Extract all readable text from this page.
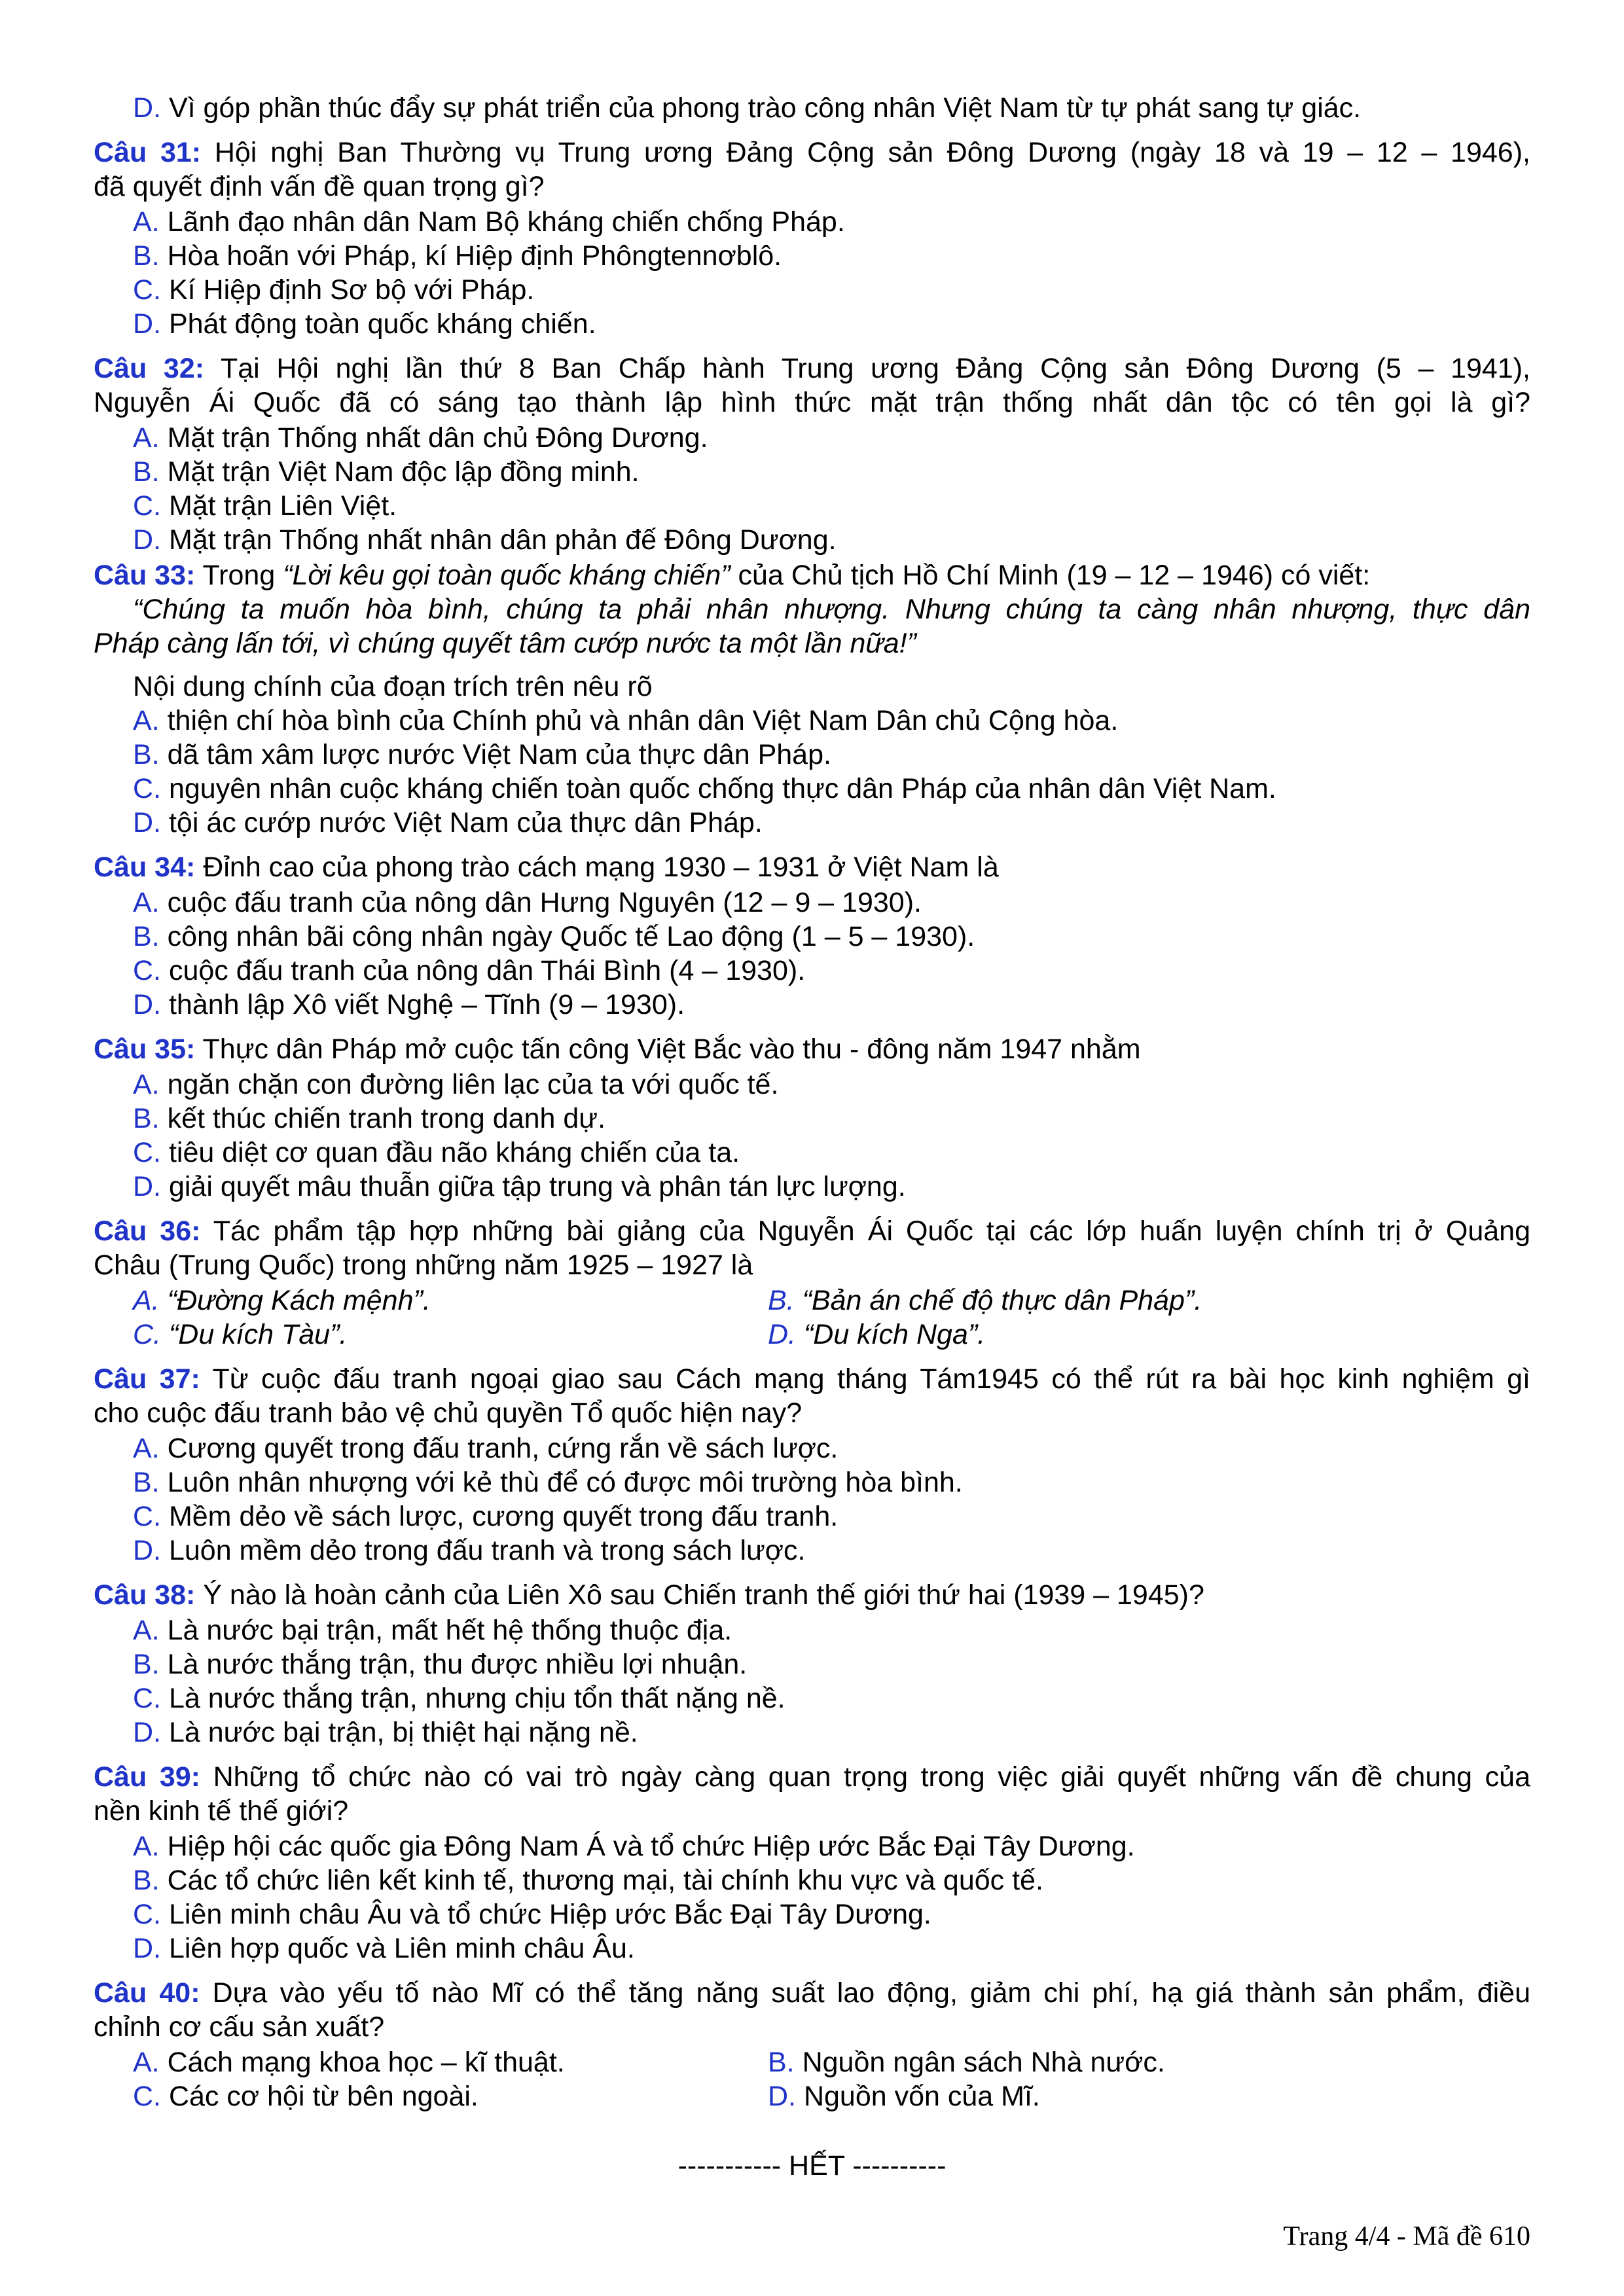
D. Vì góp phần thúc đẩy sự phát triển của phong trào công nhân Việt Nam từ tự phát sang tự giác.
Câu 31: Hội nghị Ban Thường vụ Trung ương Đảng Cộng sản Đông Dương (ngày 18 và 19 – 12 – 1946),
đã quyết định vấn đề quan trọng gì?
A. Lãnh đạo nhân dân Nam Bộ kháng chiến chống Pháp.
B. Hòa hoãn với Pháp, kí Hiệp định Phôngtennơblô.
C. Kí Hiệp định Sơ bộ với Pháp.
D. Phát động toàn quốc kháng chiến.
Câu 32: Tại Hội nghị lần thứ 8 Ban Chấp hành Trung ương Đảng Cộng sản Đông Dương (5 – 1941),
Nguyễn Ái Quốc đã có sáng tạo thành lập hình thức mặt trận thống nhất dân tộc có tên gọi là gì?
A. Mặt trận Thống nhất dân chủ Đông Dương.
B. Mặt trận Việt Nam độc lập đồng minh.
C. Mặt trận Liên Việt.
D. Mặt trận Thống nhất nhân dân phản đế Đông Dương.
Câu 33: Trong “Lời kêu gọi toàn quốc kháng chiến” của Chủ tịch Hồ Chí Minh (19 – 12 – 1946) có viết:
“Chúng ta muốn hòa bình, chúng ta phải nhân nhượng. Nhưng chúng ta càng nhân nhượng, thực dân
Pháp càng lấn tới, vì chúng quyết tâm cướp nước ta một lần nữa!”
Nội dung chính của đoạn trích trên nêu rõ
A. thiện chí hòa bình của Chính phủ và nhân dân Việt Nam Dân chủ Cộng hòa.
B. dã tâm xâm lược nước Việt Nam của thực dân Pháp.
C. nguyên nhân cuộc kháng chiến toàn quốc chống thực dân Pháp của nhân dân Việt Nam.
D. tội ác cướp nước Việt Nam của thực dân Pháp.
Câu 34: Đỉnh cao của phong trào cách mạng 1930 – 1931 ở Việt Nam là
A. cuộc đấu tranh của nông dân Hưng Nguyên (12 – 9 – 1930).
B. công nhân bãi công nhân ngày Quốc tế Lao động (1 – 5 – 1930).
C. cuộc đấu tranh của nông dân Thái Bình (4 – 1930).
D. thành lập Xô viết Nghệ – Tĩnh (9 – 1930).
Câu 35: Thực dân Pháp mở cuộc tấn công Việt Bắc vào thu - đông năm 1947 nhằm
A. ngăn chặn con đường liên lạc của ta với quốc tế.
B. kết thúc chiến tranh trong danh dự.
C. tiêu diệt cơ quan đầu não kháng chiến của ta.
D. giải quyết mâu thuẫn giữa tập trung và phân tán lực lượng.
Câu 36: Tác phẩm tập hợp những bài giảng của Nguyễn Ái Quốc tại các lớp huấn luyện chính trị ở Quảng
Châu (Trung Quốc) trong những năm 1925 – 1927 là
A. “Đường Kách mệnh”.	B. “Bản án chế độ thực dân Pháp”.
C. “Du kích Tàu”.	D. “Du kích Nga”.
Câu 37: Từ cuộc đấu tranh ngoại giao sau Cách mạng tháng Tám1945 có thể rút ra bài học kinh nghiệm gì
cho cuộc đấu tranh bảo vệ chủ quyền Tổ quốc hiện nay?
A. Cương quyết trong đấu tranh, cứng rắn về sách lược.
B. Luôn nhân nhượng với kẻ thù để có được môi trường hòa bình.
C. Mềm dẻo về sách lược, cương quyết trong đấu tranh.
D. Luôn mềm dẻo trong đấu tranh và trong sách lược.
Câu 38: Ý nào là hoàn cảnh của Liên Xô sau Chiến tranh thế giới thứ hai (1939 – 1945)?
A. Là nước bại trận, mất hết hệ thống thuộc địa.
B. Là nước thắng trận, thu được nhiều lợi nhuận.
C. Là nước thắng trận, nhưng chịu tổn thất nặng nề.
D. Là nước bại trận, bị thiệt hại nặng nề.
Câu 39: Những tổ chức nào có vai trò ngày càng quan trọng trong việc giải quyết những vấn đề chung của
nền kinh tế thế giới?
A. Hiệp hội các quốc gia Đông Nam Á và tổ chức Hiệp ước Bắc Đại Tây Dương.
B. Các tổ chức liên kết kinh tế, thương mại, tài chính khu vực và quốc tế.
C. Liên minh châu Âu và tổ chức Hiệp ước Bắc Đại Tây Dương.
D. Liên hợp quốc và Liên minh châu Âu.
Câu 40: Dựa vào yếu tố nào Mĩ có thể tăng năng suất lao động, giảm chi phí, hạ giá thành sản phẩm, điều
chỉnh cơ cấu sản xuất?
A. Cách mạng khoa học – kĩ thuật.	B. Nguồn ngân sách Nhà nước.
C. Các cơ hội từ bên ngoài.	D. Nguồn vốn của Mĩ.
----------- HẾT ----------
Trang 4/4 - Mã đề 610
